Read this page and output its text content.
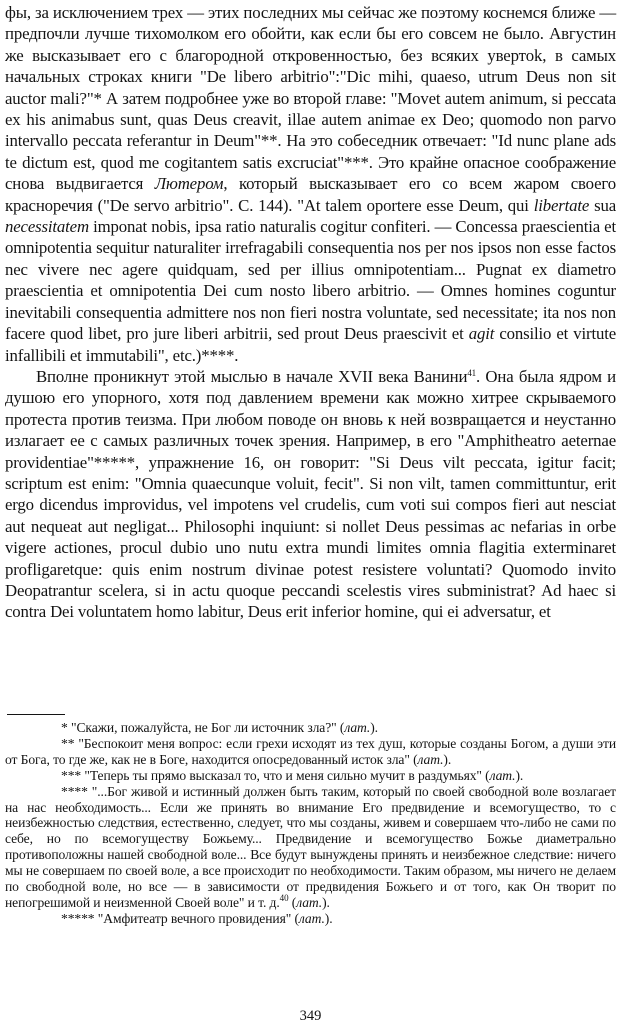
фы, за исключением трех — этих последних мы сейчас же поэтому коснемся ближе — предпочли лучше тихомолком его обойти, как если бы его совсем не было. Августин же высказывает его с благородной откровенностью, без всяких увертok, в самых начальных строках книги "De libero arbitrio":"Dic mihi, quaeso, utrum Deus non sit auctor mali?"* А затем подробнее уже во второй главе: "Movet autem animum, si peccata ex his animabus sunt, quas Deus creavit, illae autem animae ex Deo; quomodo non parvo intervallo peccata referantur in Deum"**. На это собеседник отвечает: "Id nunc plane ads te dictum est, quod me cogitantem satis excruciat"***. Это крайне опасное соображение снова выдвигается Лютером, который высказывает его со всем жаром своего красноречия ("De servo arbitrio". С. 144). "At talem oportere esse Deum, qui libertate sua necessitatem imponat nobis, ipsa ratio naturalis cogitur confiteri. — Concessa praescientia et omnipotentia sequitur naturaliter irrefragabili consequentia nos per nos ipsos non esse factos nec vivere nec agere quidquam, sed per illius omnipotentiam... Pugnat ex diametro praescientia et omnipotentia Dei cum nosto libero arbitrio. — Omnes homines coguntur inevitabili consequentia admittere nos non fieri nostra voluntate, sed necessitate; ita nos non facere quod libet, pro jure liberi arbitrii, sed prout Deus praescivit et agit consilio et virtute infallibili et immutabili", etc.)****.

Вполне проникнут этой мыслью в начале XVII века Ванини$^{41}$. Она была ядром и душою его упорного, хотя под давлением времени как можно хитрее скрываемого протеста против теизма. При любом поводе он вновь к ней возвращается и неустанно излагает ее с самых различных точек зрения. Например, в его "Amphitheatro aeternae providentiae"*****, упражнение 16, он говорит: "Si Deus vilt peccata, igitur facit; scriptum est enim: "Omnia quaecunque voluit, fecit". Si non vilt, tamen committuntur, erit ergo dicendus improvidus, vel impotens vel crudelis, cum voti sui compos fieri aut nesciat aut nequeat aut negligat... Philosophi inquiunt: si nollet Deus pessimas ac nefarias in orbe vigere actiones, procul dubio uno nutu extra mundi limites omnia flagitia exterminaret profligaretque: quis enim nostrum divinae potest resistere voluntati? Quomodo invito Deopatrantur scelera, si in actu quoque peccandi scelestis vires subministrat? Ad haec si contra Dei voluntatem homo labitur, Deus erit inferior homine, qui ei adversatur, et

* "Скажи, пожалуйста, не Бог ли источник зла?" (лат.).

** "Беспокоит меня вопрос: если грехи исходят из тех душ, которые созданы Богом, а души эти от Бога, то где же, как не в Боге, находится опосредованный исток зла" (лат.).

*** "Теперь ты прямо высказал то, что и меня сильно мучит в раздумьях" (лат.).

**** "...Бог живой и истинный должен быть таким, который по своей свободной воле возлагает на нас необходимость... Если же принять во внимание Его предвидение и всемогущество, то с неизбежностью следствия, естественно, следует, что мы созданы, живем и совершаем что-либо не сами по себе, но по всемогуществу Божьему... Предвидение и всемогущество Божье диаметрально противоположны нашей свободной воле... Все будут вынуждены принять и неизбежное следствие: ничего мы не совершаем по своей воле, а все происходит по необходимости. Таким образом, мы ничего не делаем по свободной воле, но все — в зависимости от предвидения Божьего и от того, как Он творит по непогрешимой и неизменной Своей воле" и т. д.$^{40}$ (лат.).

***** "Амфитеатр вечного провидения" (лат.).

349
